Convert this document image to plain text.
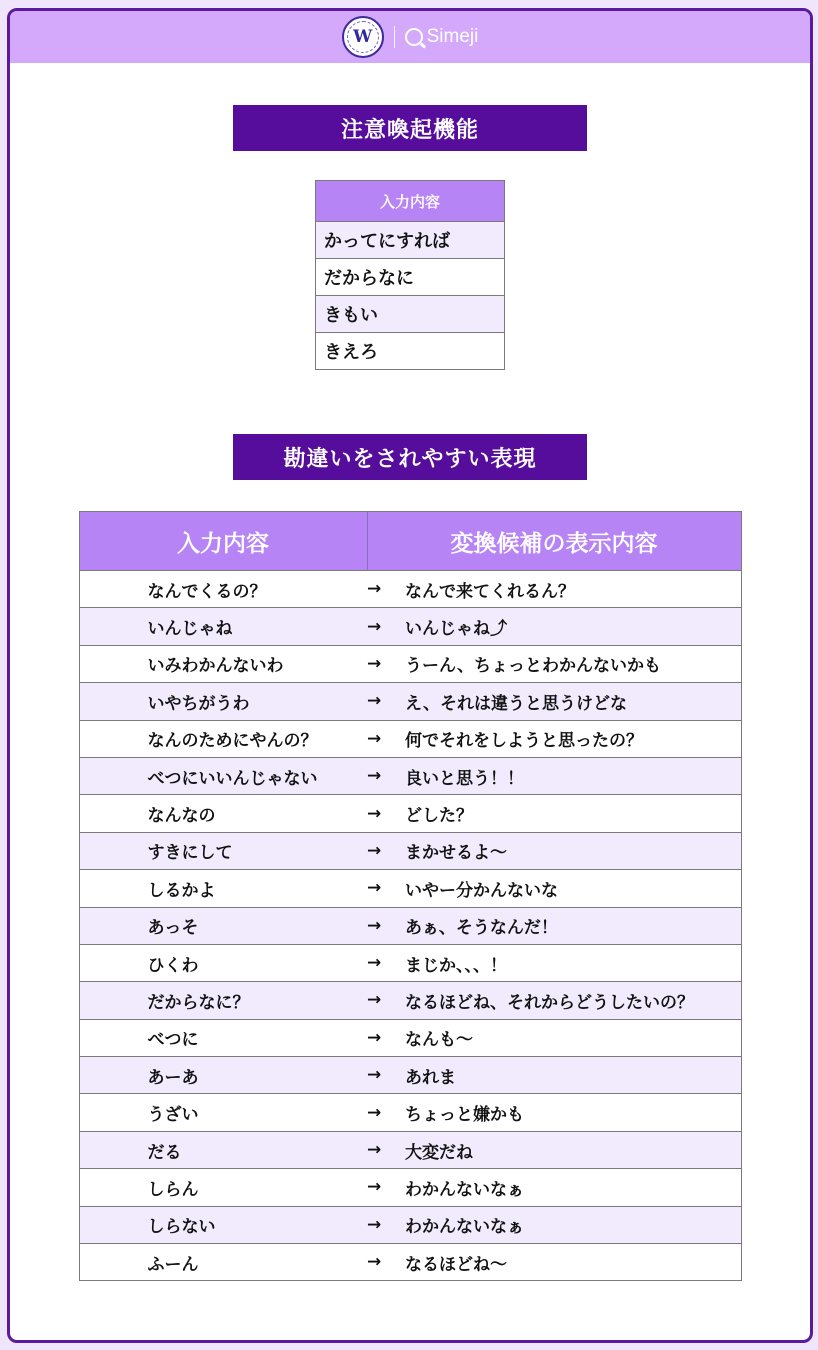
W	Simeji
注意喚起機能
入力内容
かってにすれば
だからなに
きもい
きえろ
勘違いをされやすい表現
入力内容	変換候補の表示内容	
なんでくるの？	→	なんで来てくれるん？
いんじゃね	→	いんじゃね⤴
いみわかんないわ	→	うーん、ちょっとわかんないかも
いやちがうわ	→	え、それは違うと思うけどな
なんのためにやんの？	→	何でそれをしようと思ったの？
べつにいいんじゃない	→	良いと思う！！
なんなの	→	どした？
すきにして	→	まかせるよ〜
しるかよ	→	いやー分かんないな
あっそ	→	あぁ、そうなんだ！
ひくわ	→	まじか、、、！
だからなに？	→	なるほどね、それからどうしたいの？
べつに	→	なんも〜
あーあ	→	あれま
うざい	→	ちょっと嫌かも
だる	→	大変だね
しらん	→	わかんないなぁ
しらない	→	わかんないなぁ
ふーん	→	なるほどね〜
